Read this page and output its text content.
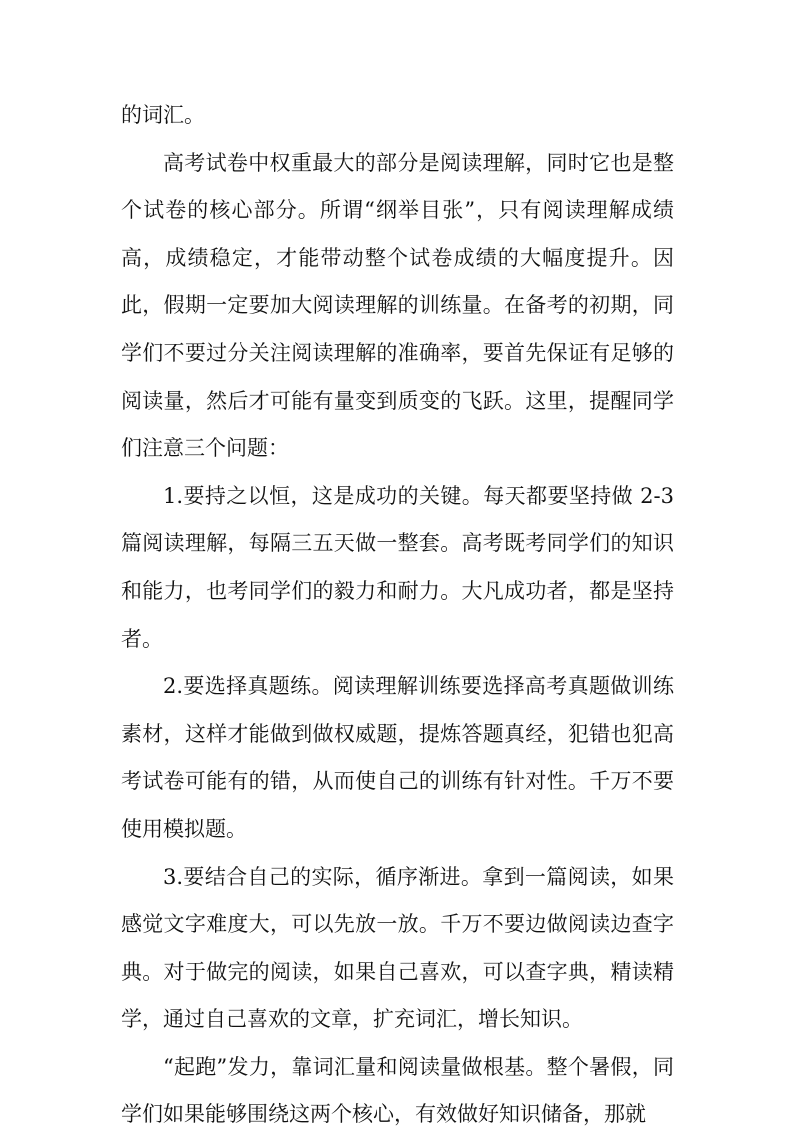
的词汇。

高考试卷中权重最大的部分是阅读理解，同时它也是整个试卷的核心部分。所谓“纲举目张”，只有阅读理解成绩高，成绩稳定，才能带动整个试卷成绩的大幅度提升。因此，假期一定要加大阅读理解的训练量。在备考的初期，同学们不要过分关注阅读理解的准确率，要首先保证有足够的阅读量，然后才可能有量变到质变的飞跃。这里，提醒同学们注意三个问题：

1.要持之以恒，这是成功的关键。每天都要坚持做 2-3 篇阅读理解，每隔三五天做一整套。高考既考同学们的知识和能力，也考同学们的毅力和耐力。大凡成功者，都是坚持者。

2.要选择真题练。阅读理解训练要选择高考真题做训练素材，这样才能做到做权威题，提炼答题真经，犯错也犯高考试卷可能有的错，从而使自己的训练有针对性。千万不要使用模拟题。

3.要结合自己的实际，循序渐进。拿到一篇阅读，如果感觉文字难度大，可以先放一放。千万不要边做阅读边查字典。对于做完的阅读，如果自己喜欢，可以查字典，精读精学，通过自己喜欢的文章，扩充词汇，增长知识。

“起跑”发力，靠词汇量和阅读量做根基。整个暑假，同学们如果能够围绕这两个核心，有效做好知识储备，那就
